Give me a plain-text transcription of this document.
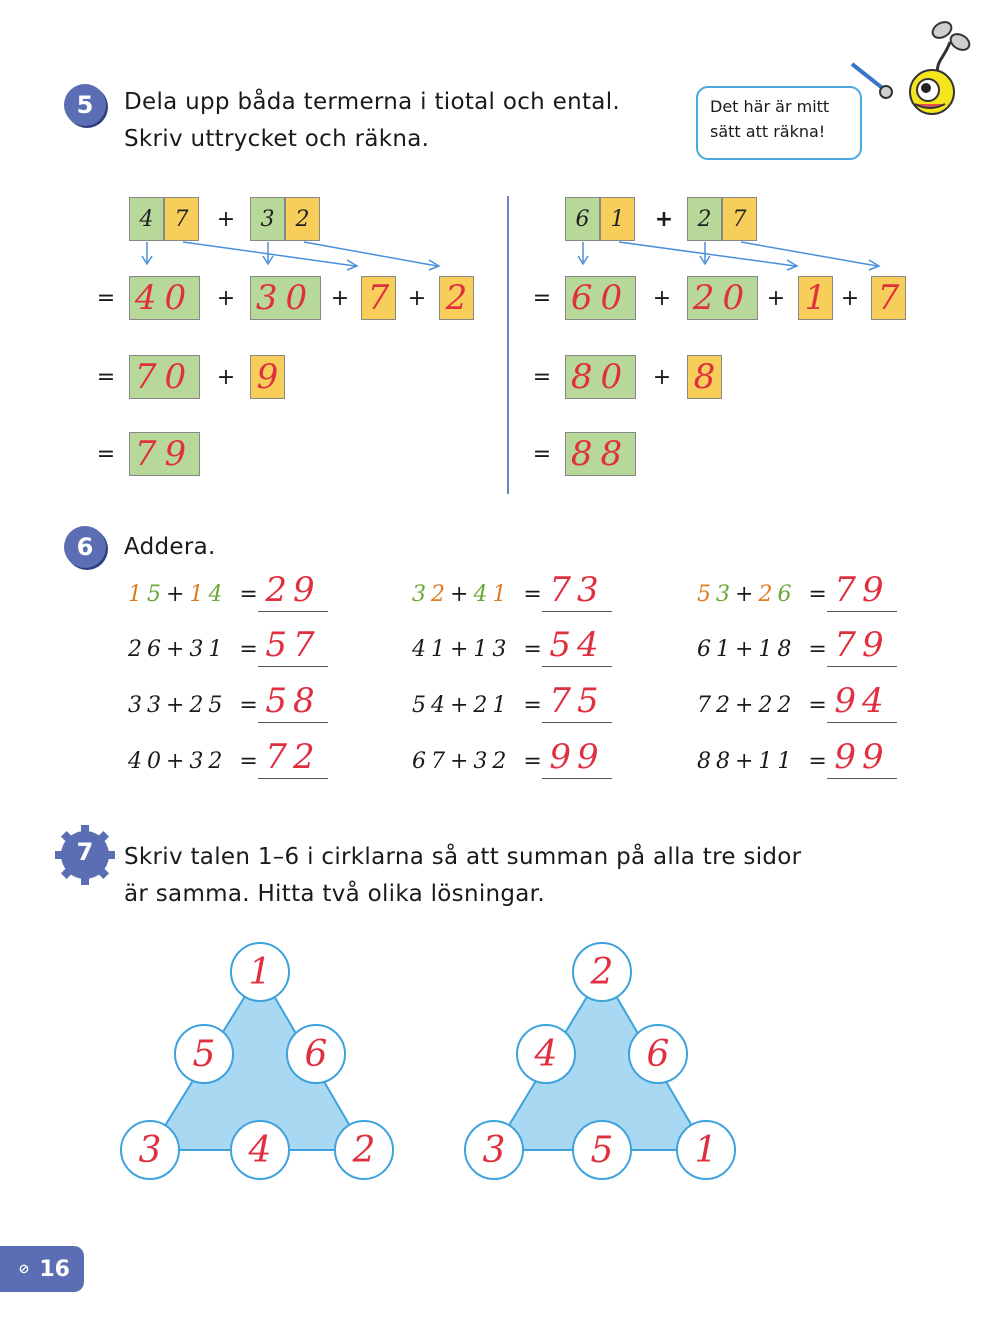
5 Dela upp båda termerna i tiotal och ental.
Skriv uttrycket och räkna.
Det här är mitt
sätt att räkna!
4 7	+	3 2
= 40 + 30 + 7 + 2
= 70 + 9
= 79
6 1	+	2 7
= 60 + 20 + 1 + 7
= 80 + 8
= 88
6 Addera.
15+14 = 29	32+41 = 73	53+26 = 79
26+31 = 57	41+13 = 54	61+18 = 79
33+25 = 58	54+21 = 75	72+22 = 94
40+32 = 72	67+32 = 99	88+11 = 99
7	Skriv talen 1–6 i cirklarna så att summan på alla tre sidor
är samma. Hitta två olika lösningar.
1
5	6
3	4	2
2
4	6
3	5	1
⊘ 16
